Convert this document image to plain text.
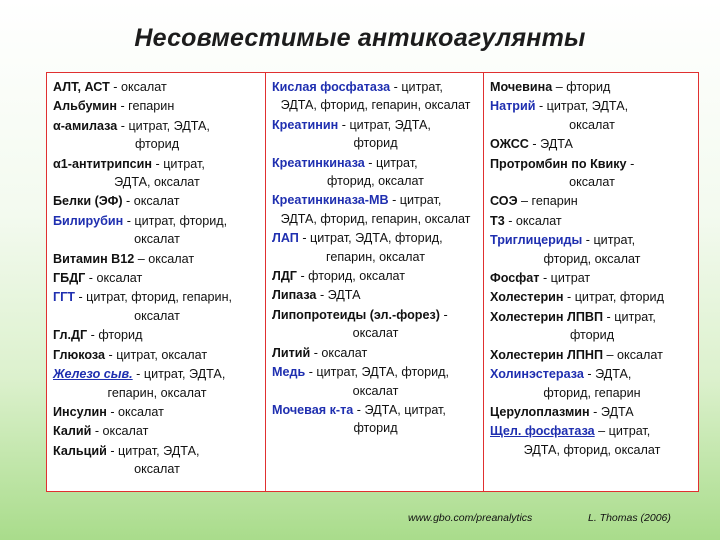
Несовместимые антикоагулянты
АЛТ, АСТ - оксалат
Альбумин - гепарин
α-амилаза - цитрат, ЭДТА,
фторид
α1-антитрипсин - цитрат,
ЭДТА, оксалат
Белки (ЭФ) - оксалат
Билирубин - цитрат, фторид,
оксалат
Витамин B12 – оксалат
ГБДГ - оксалат
ГГТ - цитрат, фторид, гепарин,
оксалат
Гл.ДГ - фторид
Глюкоза - цитрат, оксалат
Железо сыв. - цитрат, ЭДТА,
гепарин, оксалат
Инсулин - оксалат
Калий - оксалат
Кальций - цитрат, ЭДТА,
оксалат
Кислая фосфатаза - цитрат,
ЭДТА, фторид, гепарин, оксалат
Креатинин - цитрат, ЭДТА,
фторид
Креатинкиназа - цитрат,
фторид, оксалат
Креатинкиназа-MB - цитрат,
ЭДТА, фторид, гепарин, оксалат
ЛАП - цитрат, ЭДТА, фторид,
гепарин, оксалат
ЛДГ - фторид, оксалат
Липаза - ЭДТА
Липопротеиды (эл.-форез) -
оксалат
Литий - оксалат
Медь - цитрат, ЭДТА, фторид,
оксалат
Мочевая к-та - ЭДТА, цитрат,
фторид
Мочевина – фторид
Натрий - цитрат, ЭДТА,
оксалат
ОЖСС - ЭДТА
Протромбин по Квику -
оксалат
СОЭ – гепарин
Т3 - оксалат
Триглицериды - цитрат,
фторид, оксалат
Фосфат - цитрат
Холестерин - цитрат, фторид
Холестерин ЛПВП - цитрат,
фторид
Холестерин ЛПНП – оксалат
Холинэстераза - ЭДТА,
фторид, гепарин
Церулоплазмин - ЭДТА
Щел. фосфатаза – цитрат,
ЭДТА, фторид, оксалат
www.gbo.com/preanalytics	L. Thomas (2006)
